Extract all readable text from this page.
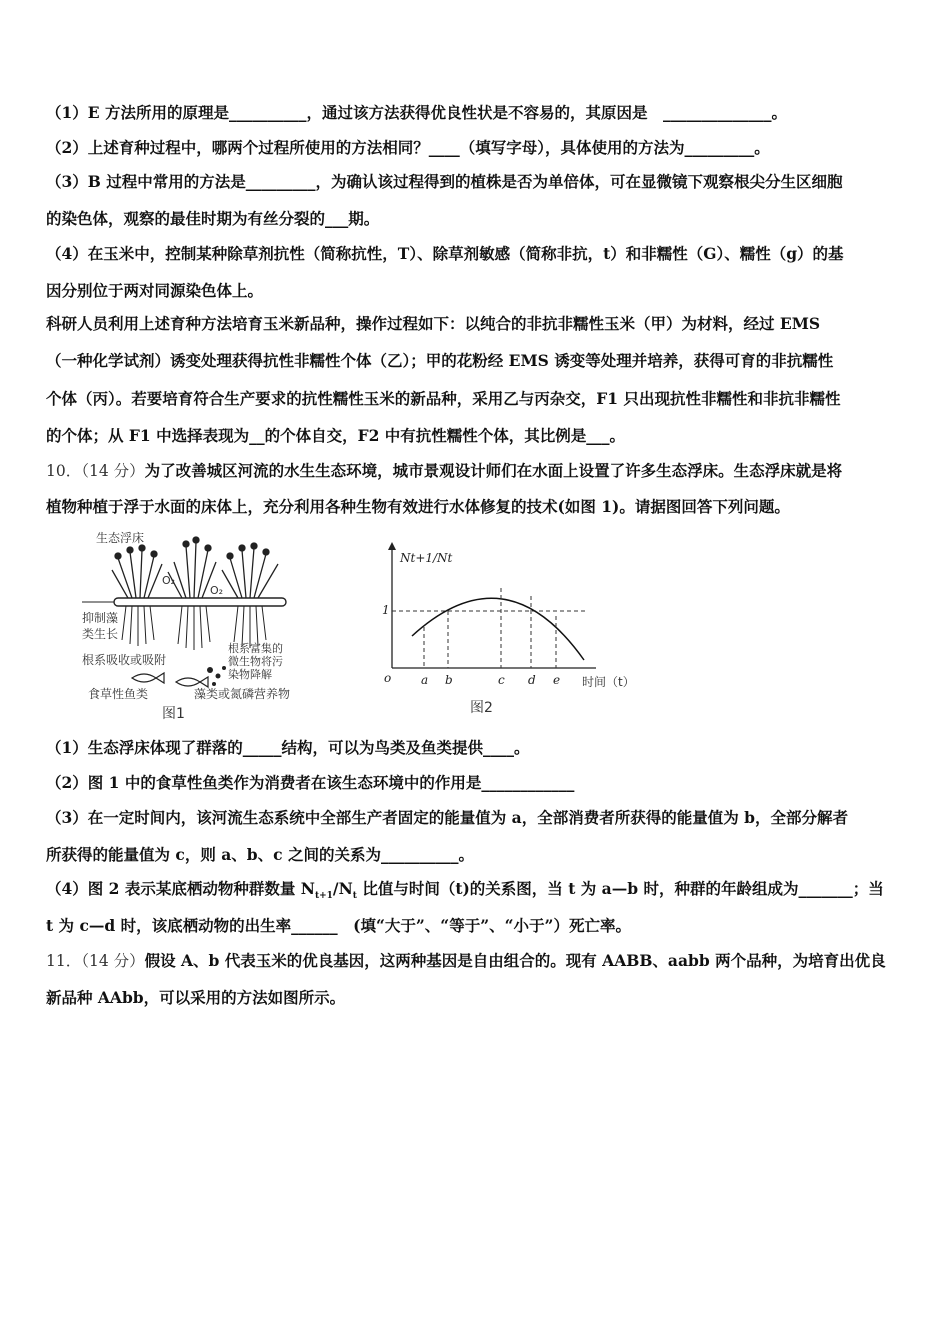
（1）E 方法所用的原理是__________，通过该方法获得优良性状是不容易的，其原因是　______________。
（2）上述育种过程中，哪两个过程所使用的方法相同？____（填写字母），具体使用的方法为_________。
（3）B 过程中常用的方法是_________，为确认该过程得到的植株是否为单倍体，可在显微镜下观察根尖分生区细胞
的染色体，观察的最佳时期为有丝分裂的___期。
（4）在玉米中，控制某种除草剂抗性（简称抗性，T）、除草剂敏感（简称非抗，t）和非糯性（G）、糯性（g）的基
因分别位于两对同源染色体上。
科研人员利用上述育种方法培育玉米新品种，操作过程如下：以纯合的非抗非糯性玉米（甲）为材料，经过 EMS
（一种化学试剂）诱变处理获得抗性非糯性个体（乙）；甲的花粉经 EMS 诱变等处理并培养，获得可育的非抗糯性
个体（丙）。若要培育符合生产要求的抗性糯性玉米的新品种，采用乙与丙杂交，F1 只出现抗性非糯性和非抗非糯性
的个体；从 F1 中选择表现为__的个体自交，F2 中有抗性糯性个体，其比例是___。
10．（14 分）为了改善城区河流的水生生态环境，城市景观设计师们在水面上设置了许多生态浮床。生态浮床就是将
植物种植于浮于水面的床体上，充分利用各种生物有效进行水体修复的技术(如图 1)。请据图回答下列问题。
生态浮床
O₂
O₂
抑制藻
类生长
根系吸收或吸附
根系富集的
微生物将污
染物降解
食草性鱼类	藻类或氮磷营养物
图1
Nt+1/Nt
1
o a b	c d e 时间（t）
图2
（1）生态浮床体现了群落的_____结构，可以为鸟类及鱼类提供____。
（2）图 1 中的食草性鱼类作为消费者在该生态环境中的作用是____________
（3）在一定时间内，该河流生态系统中全部生产者固定的能量值为 a，全部消费者所获得的能量值为 b，全部分解者
所获得的能量值为 c，则 a、b、c 之间的关系为__________。
（4）图 2 表示某底栖动物种群数量 $N_{t+1}/N_t$ 比值与时间（t)的关系图，当 t 为 a—b 时，种群的年龄组成为_______；当
t 为 c—d 时，该底栖动物的出生率______　(填“大于”、“等于”、“小于”）死亡率。
11．（14 分）假设 A、b 代表玉米的优良基因，这两种基因是自由组合的。现有 AABB、aabb 两个品种，为培育出优良
新品种 AAbb，可以采用的方法如图所示。
